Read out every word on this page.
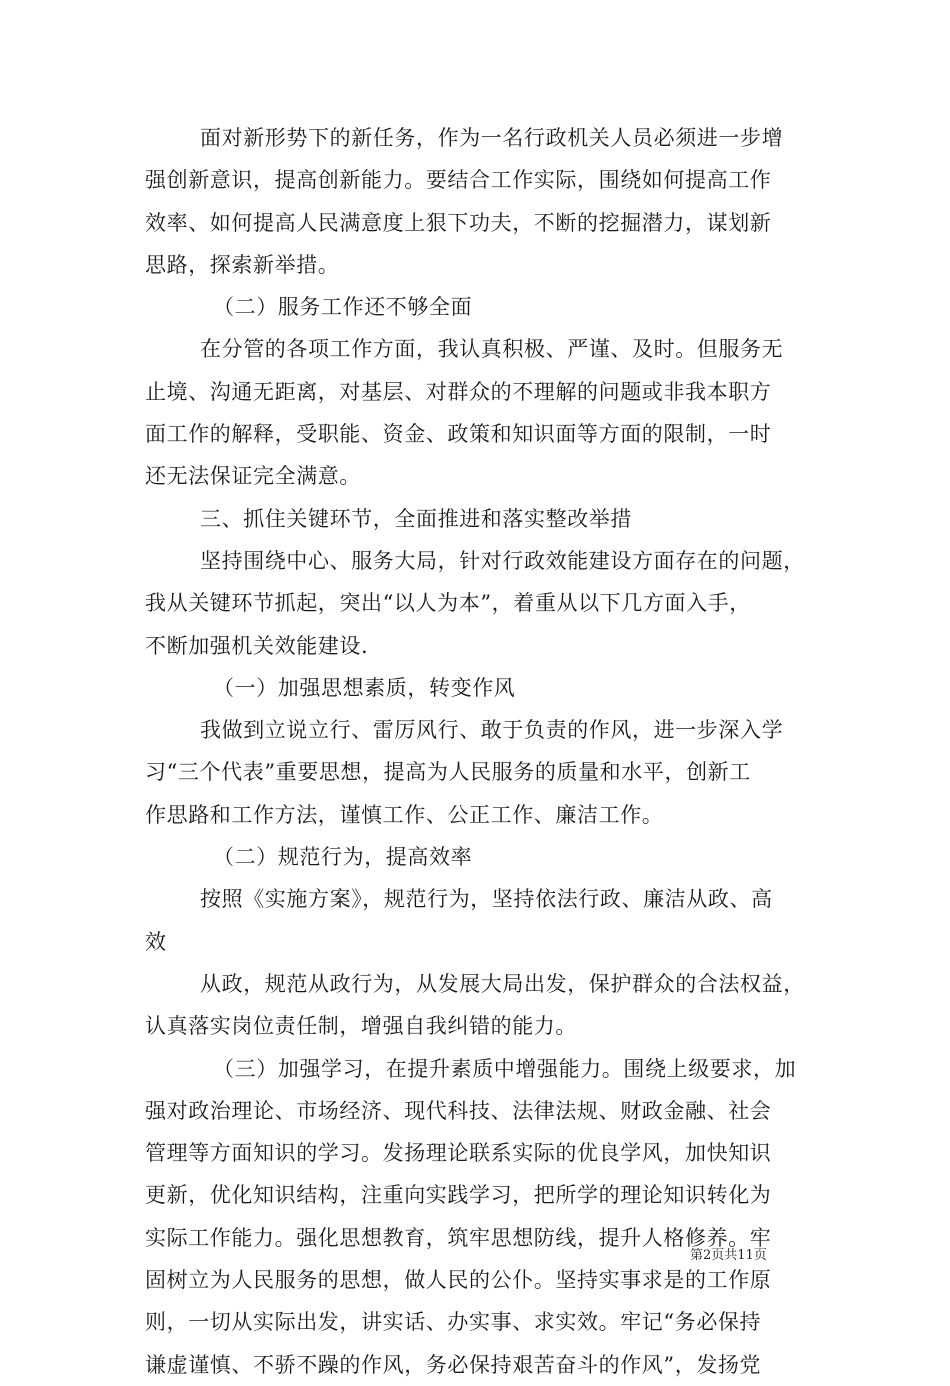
面对新形势下的新任务，作为一名行政机关人员必须进一步增
强创新意识，提高创新能力。要结合工作实际，围绕如何提高工作
效率、如何提高人民满意度上狠下功夫，不断的挖掘潜力，谋划新
思路，探索新举措。
（二）服务工作还不够全面
在分管的各项工作方面，我认真积极、严谨、及时。但服务无
止境、沟通无距离，对基层、对群众的不理解的问题或非我本职方
面工作的解释，受职能、资金、政策和知识面等方面的限制，一时
还无法保证完全满意。
三、抓住关键环节，全面推进和落实整改举措
坚持围绕中心、服务大局，针对行政效能建设方面存在的问题，
我从关键环节抓起，突出“以人为本”，着重从以下几方面入手，
不断加强机关效能建设.
（一）加强思想素质，转变作风
我做到立说立行、雷厉风行、敢于负责的作风，进一步深入学
习“三个代表”重要思想，提高为人民服务的质量和水平，创新工
作思路和工作方法，谨慎工作、公正工作、廉洁工作。
（二）规范行为，提高效率
按照《实施方案》，规范行为，坚持依法行政、廉洁从政、高
效
从政，规范从政行为，从发展大局出发，保护群众的合法权益，
认真落实岗位责任制，增强自我纠错的能力。
（三）加强学习，在提升素质中增强能力。围绕上级要求，加
强对政治理论、市场经济、现代科技、法律法规、财政金融、社会
管理等方面知识的学习。发扬理论联系实际的优良学风，加快知识
更新，优化知识结构，注重向实践学习，把所学的理论知识转化为
实际工作能力。强化思想教育，筑牢思想防线，提升人格修养。牢
固树立为人民服务的思想，做人民的公仆。坚持实事求是的工作原
则，一切从实际出发，讲实话、办实事、求实效。牢记“务必保持
谦虚谨慎、不骄不躁的作风，务必保持艰苦奋斗的作风”，发扬党
第2页共11页
